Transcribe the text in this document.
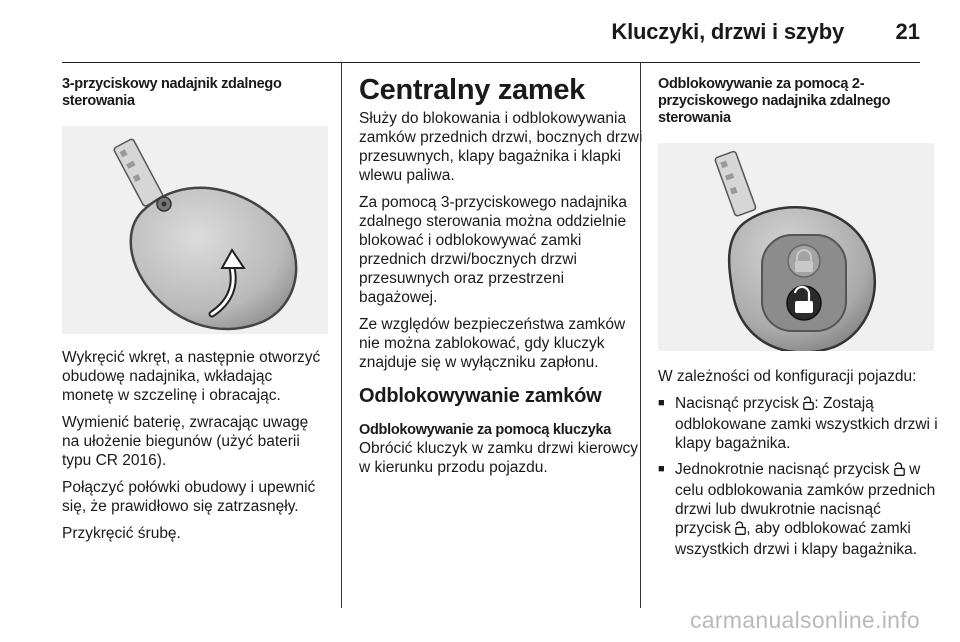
Kluczyki, drzwi i szyby 21
3-przyciskowy nadajnik zdalnego sterowania

Wykręcić wkręt, a następnie otworzyć obudowę nadajnika, wkładając monetę w szczelinę i obracając.

Wymienić baterię, zwracając uwagę na ułożenie biegunów (użyć baterii typu CR 2016).

Połączyć połówki obudowy i upewnić się, że prawidłowo się zatrzasnęły.

Przykręcić śrubę.

Centralny zamek

Służy do blokowania i odblokowywania zamków przednich drzwi, bocznych drzwi przesuwnych, klapy bagażnika i klapki wlewu paliwa.

Za pomocą 3-przyciskowego nadajnika zdalnego sterowania można oddzielnie blokować i odblokowywać zamki przednich drzwi/bocznych drzwi przesuwnych oraz przestrzeni bagażowej.

Ze względów bezpieczeństwa zamków nie można zablokować, gdy kluczyk znajduje się w wyłączniku zapłonu.

Odblokowywanie zamków
Odblokowywanie za pomocą kluczyka

Obrócić kluczyk w zamku drzwi kierowcy w kierunku przodu pojazdu.

Odblokowywanie za pomocą 2-przyciskowego nadajnika zdalnego sterowania

W zależności od konfiguracji pojazdu:

■ Nacisnąć przycisk : Zostają odblokowane zamki wszystkich drzwi i klapy bagażnika.
■ Jednokrotnie nacisnąć przycisk w celu odblokowania zamków przednich drzwi lub dwukrotnie nacisnąć przycisk , aby odblokować zamki wszystkich drzwi i klapy bagażnika.
carmanualsonline.info
